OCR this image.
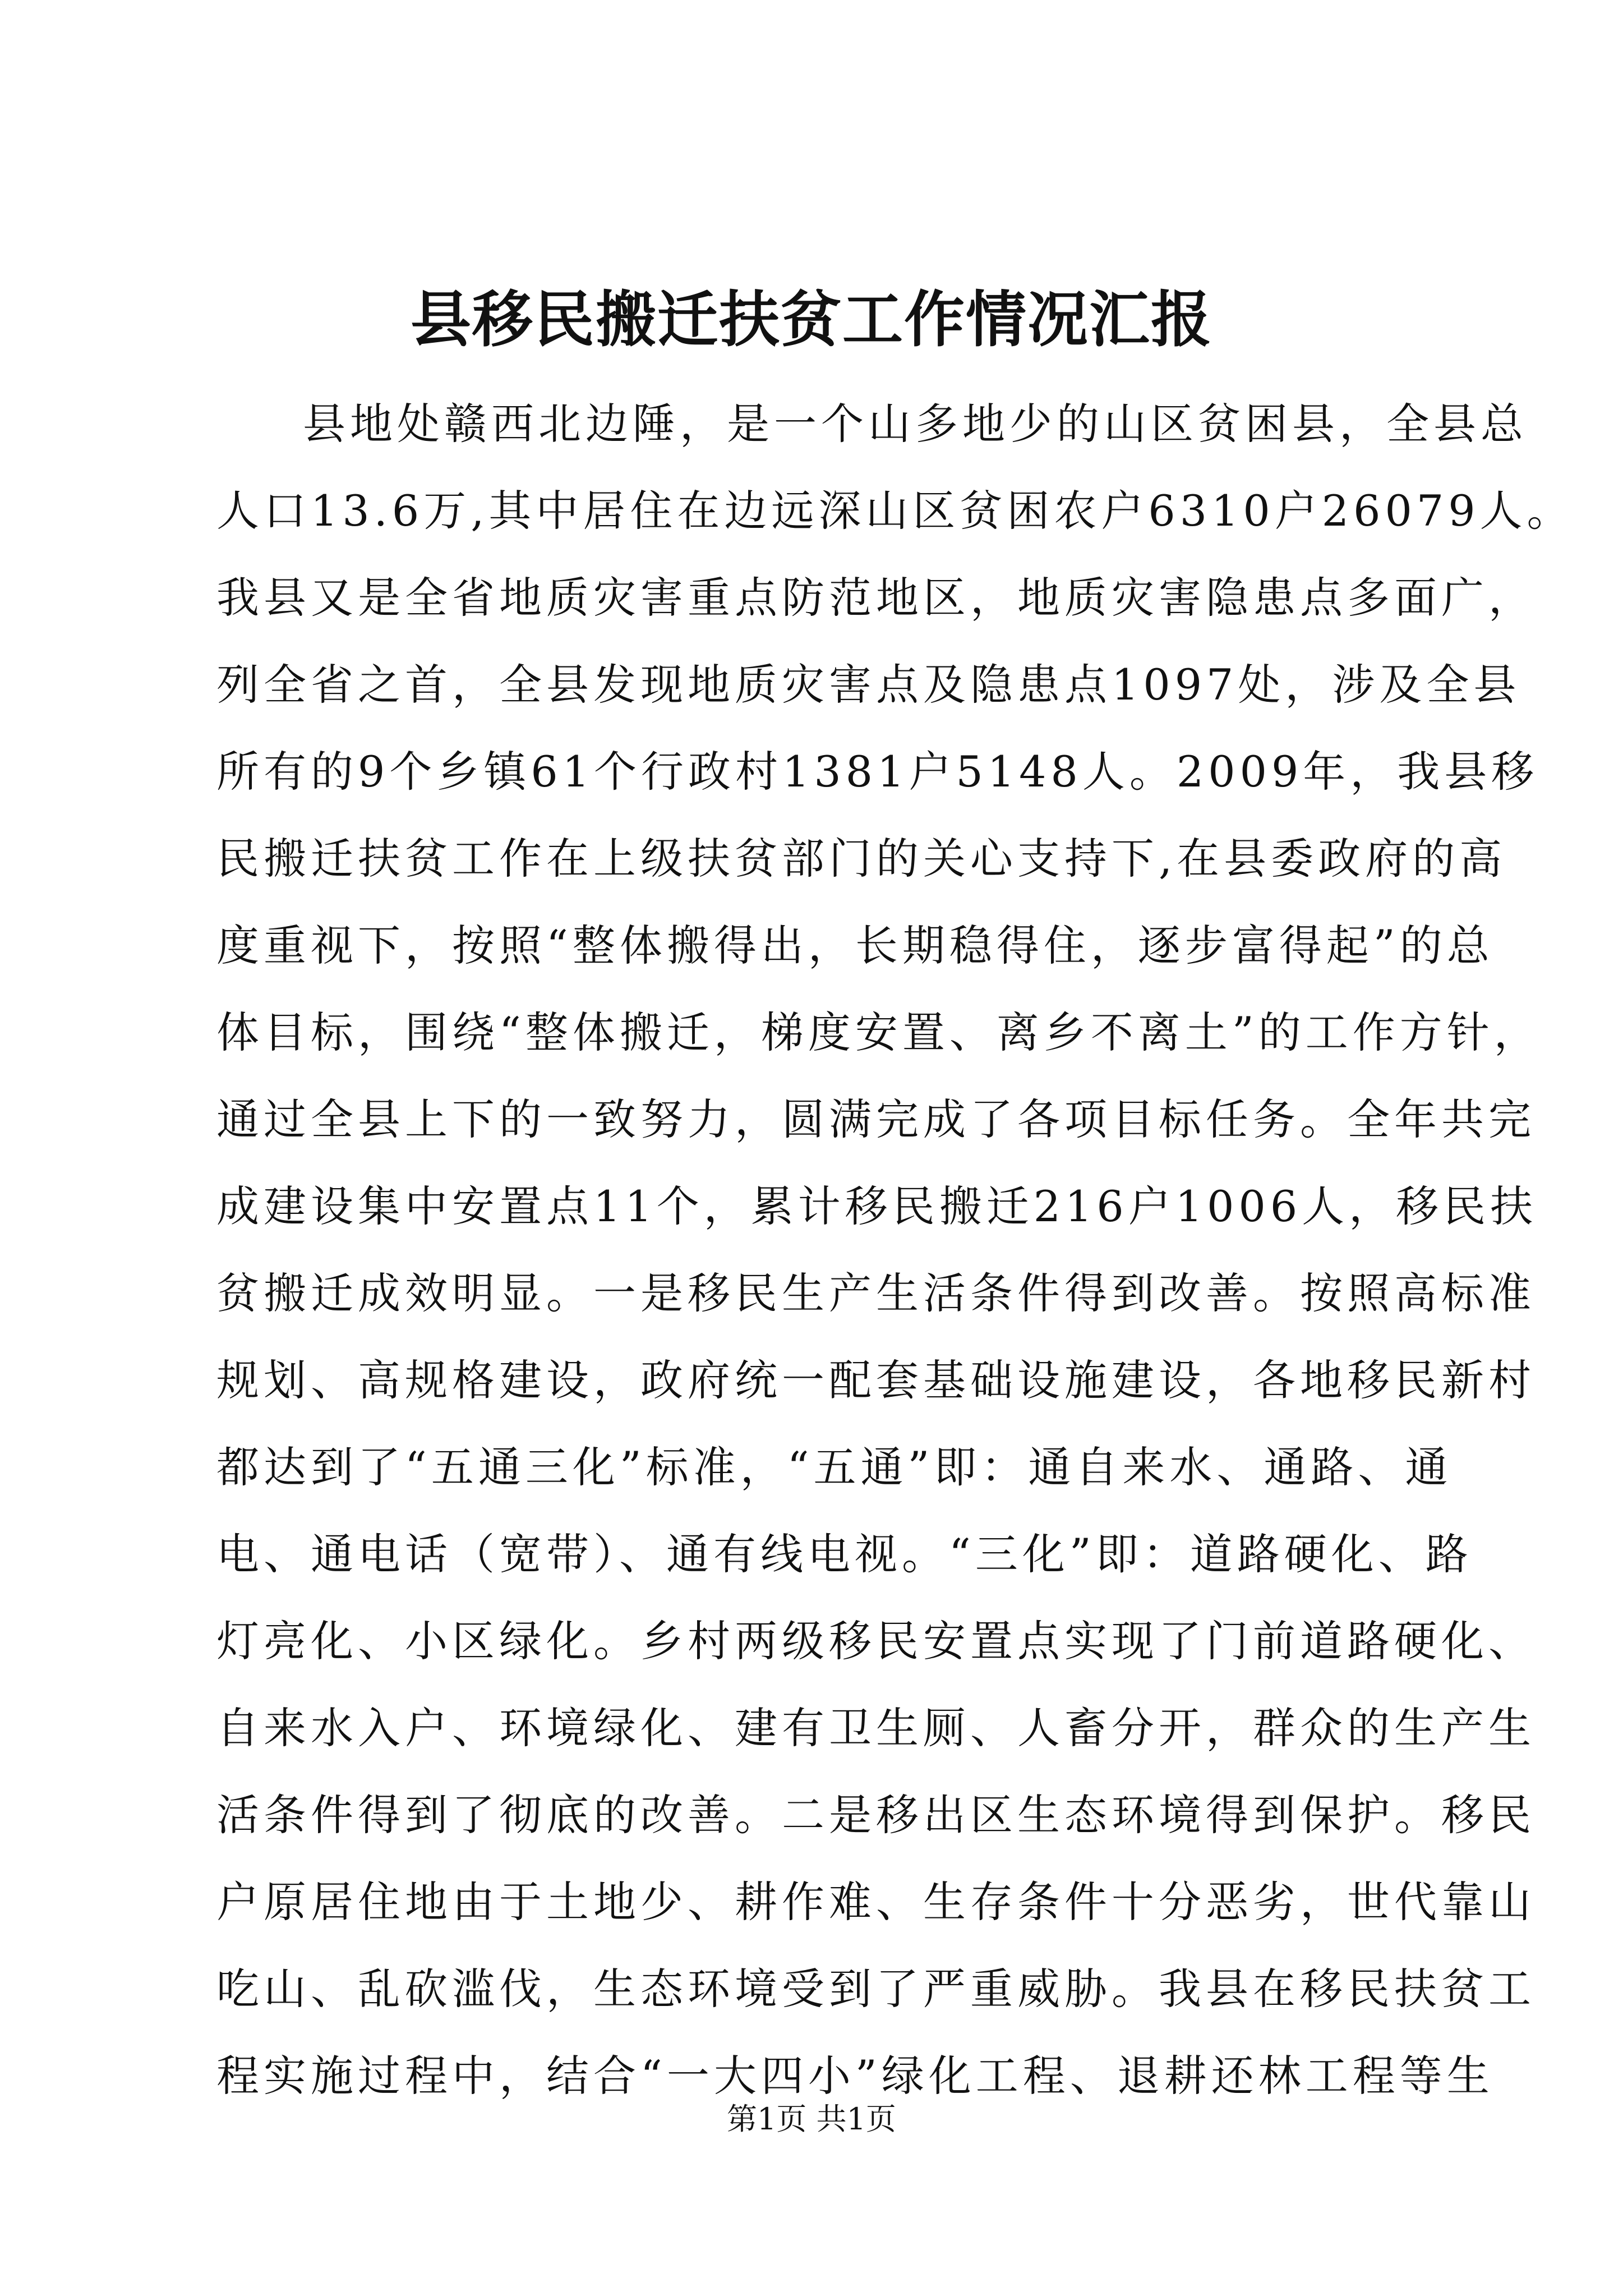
县移民搬迁扶贫工作情况汇报
县地处赣西北边陲，是一个山多地少的山区贫困县，全县总
人口13.6万,其中居住在边远深山区贫困农户6310户26079人。
我县又是全省地质灾害重点防范地区，地质灾害隐患点多面广，
列全省之首，全县发现地质灾害点及隐患点1097处，涉及全县
所有的9个乡镇61个行政村1381户5148人。2009年，我县移
民搬迁扶贫工作在上级扶贫部门的关心支持下,在县委政府的高
度重视下，按照“整体搬得出，长期稳得住，逐步富得起”的总
体目标，围绕“整体搬迁，梯度安置、离乡不离土”的工作方针，
通过全县上下的一致努力，圆满完成了各项目标任务。全年共完
成建设集中安置点11个，累计移民搬迁216户1006人，移民扶
贫搬迁成效明显。一是移民生产生活条件得到改善。按照高标准
规划、高规格建设，政府统一配套基础设施建设，各地移民新村
都达到了“五通三化”标准，“五通”即：通自来水、通路、通
电、通电话（宽带）、通有线电视。“三化”即：道路硬化、路
灯亮化、小区绿化。乡村两级移民安置点实现了门前道路硬化、
自来水入户、环境绿化、建有卫生厕、人畜分开，群众的生产生
活条件得到了彻底的改善。二是移出区生态环境得到保护。移民
户原居住地由于土地少、耕作难、生存条件十分恶劣，世代靠山
吃山、乱砍滥伐，生态环境受到了严重威胁。我县在移民扶贫工
程实施过程中，结合“一大四小”绿化工程、退耕还林工程等生
第1页 共1页
